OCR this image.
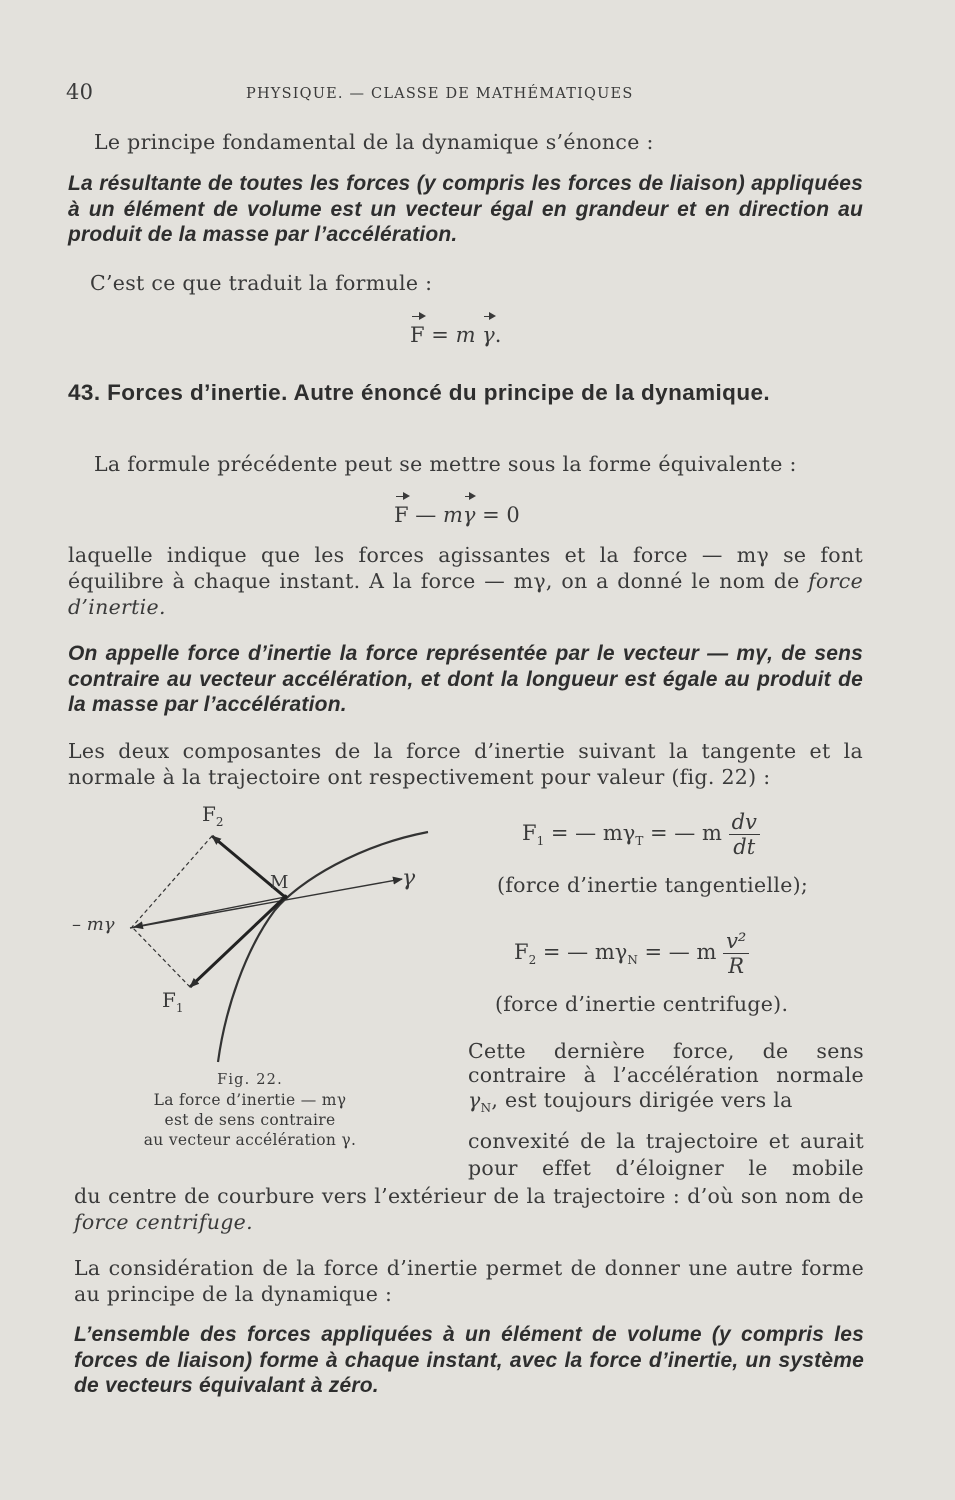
40	PHYSIQUE. — CLASSE DE MATHÉMATIQUES
Le principe fondamental de la dynamique s’énonce :
La résultante de toutes les forces (y compris les forces de liaison) appliquées à un élément de volume est un vecteur égal en grandeur et en direction au produit de la masse par l’accélération.
C’est ce que traduit la formule :
F = m γ.
43. Forces d’inertie. Autre énoncé du principe de la dynamique.
La formule précédente peut se mettre sous la forme équivalente :
F — mγ = 0
laquelle indique que les forces agissantes et la force — mγ se font équilibre à chaque instant. A la force — mγ, on a donné le nom de force d’inertie.
On appelle force d’inertie la force représentée par le vecteur — mγ, de sens contraire au vecteur accélération, et dont la longueur est égale au produit de la masse par l’accélération.
Les deux composantes de la force d’inertie suivant la tangente et la normale à la trajectoire ont respectivement pour valeur (fig. 22) :
$F_2$
$F_1$
M	γ
– mγ
Fig. 22.
La force d’inertie — mγ
est de sens contraire
au vecteur accélération γ.
$F_1$ = — $m\gamma_T$ = — m $\frac{dv}{dt}$
(force d’inertie tangentielle);
$F_2$ = — $m\gamma_N$ = — m $\frac{\text{v²}}{R}$
(force d’inertie centrifuge).
Cette dernière force, de sens
contraire à l’accélération normale
$\gamma_N$, est toujours dirigée vers la
convexité de la trajectoire et aurait
pour effet d’éloigner le mobile
du centre de courbure vers l’extérieur de la trajectoire : d’où son nom de force centrifuge.
La considération de la force d’inertie permet de donner une autre forme au principe de la dynamique :
L’ensemble des forces appliquées à un élément de volume (y compris les forces de liaison) forme à chaque instant, avec la force d’inertie, un système de vecteurs équivalant à zéro.
